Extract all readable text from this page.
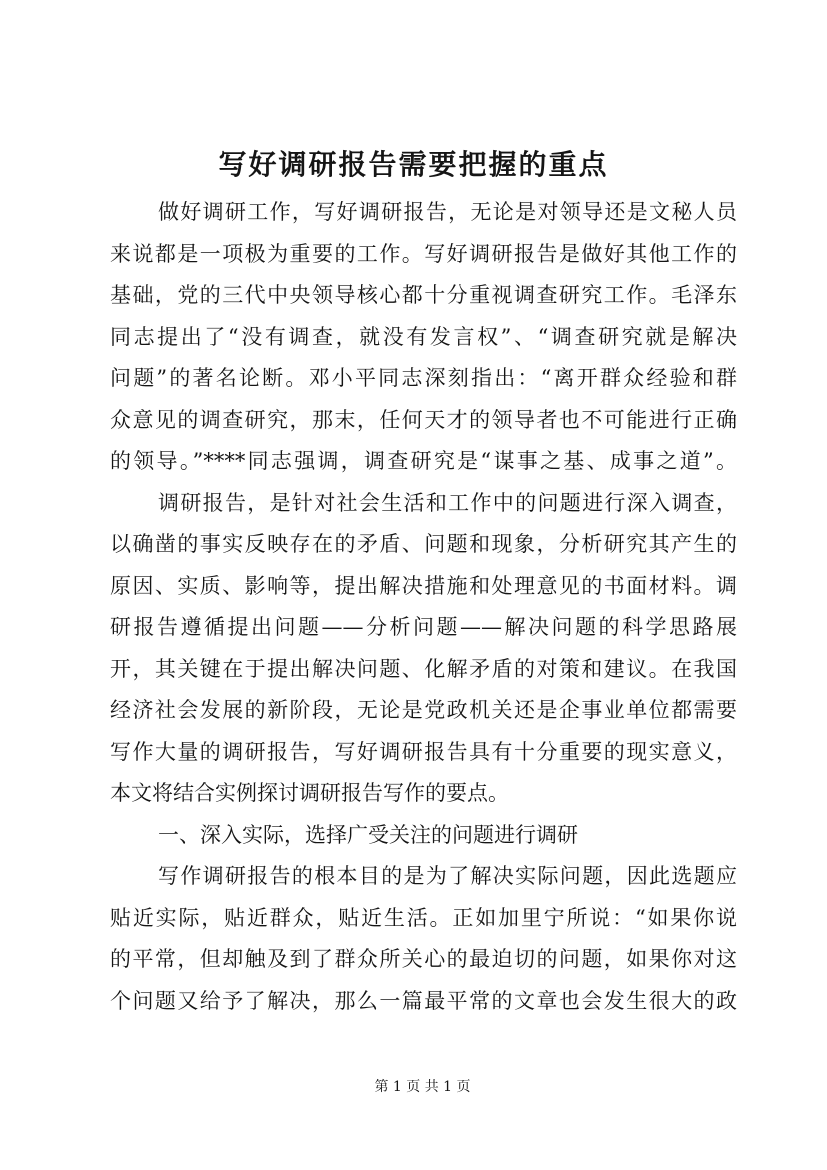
写好调研报告需要把握的重点
做好调研工作，写好调研报告，无论是对领导还是文秘人员
来说都是一项极为重要的工作。写好调研报告是做好其他工作的
基础，党的三代中央领导核心都十分重视调查研究工作。毛泽东
同志提出了“没有调查，就没有发言权”、“调查研究就是解决
问题”的著名论断。邓小平同志深刻指出：“离开群众经验和群
众意见的调查研究，那末，任何天才的领导者也不可能进行正确
的领导。”****同志强调，调查研究是“谋事之基、成事之道”。
调研报告，是针对社会生活和工作中的问题进行深入调查，
以确凿的事实反映存在的矛盾、问题和现象，分析研究其产生的
原因、实质、影响等，提出解决措施和处理意见的书面材料。调
研报告遵循提出问题——分析问题——解决问题的科学思路展
开，其关键在于提出解决问题、化解矛盾的对策和建议。在我国
经济社会发展的新阶段，无论是党政机关还是企事业单位都需要
写作大量的调研报告，写好调研报告具有十分重要的现实意义，
本文将结合实例探讨调研报告写作的要点。
一、深入实际，选择广受关注的问题进行调研
写作调研报告的根本目的是为了解决实际问题，因此选题应
贴近实际，贴近群众，贴近生活。正如加里宁所说：“如果你说
的平常，但却触及到了群众所关心的最迫切的问题，如果你对这
个问题又给予了解决，那么一篇最平常的文章也会发生很大的政
第 1 页 共 1 页
